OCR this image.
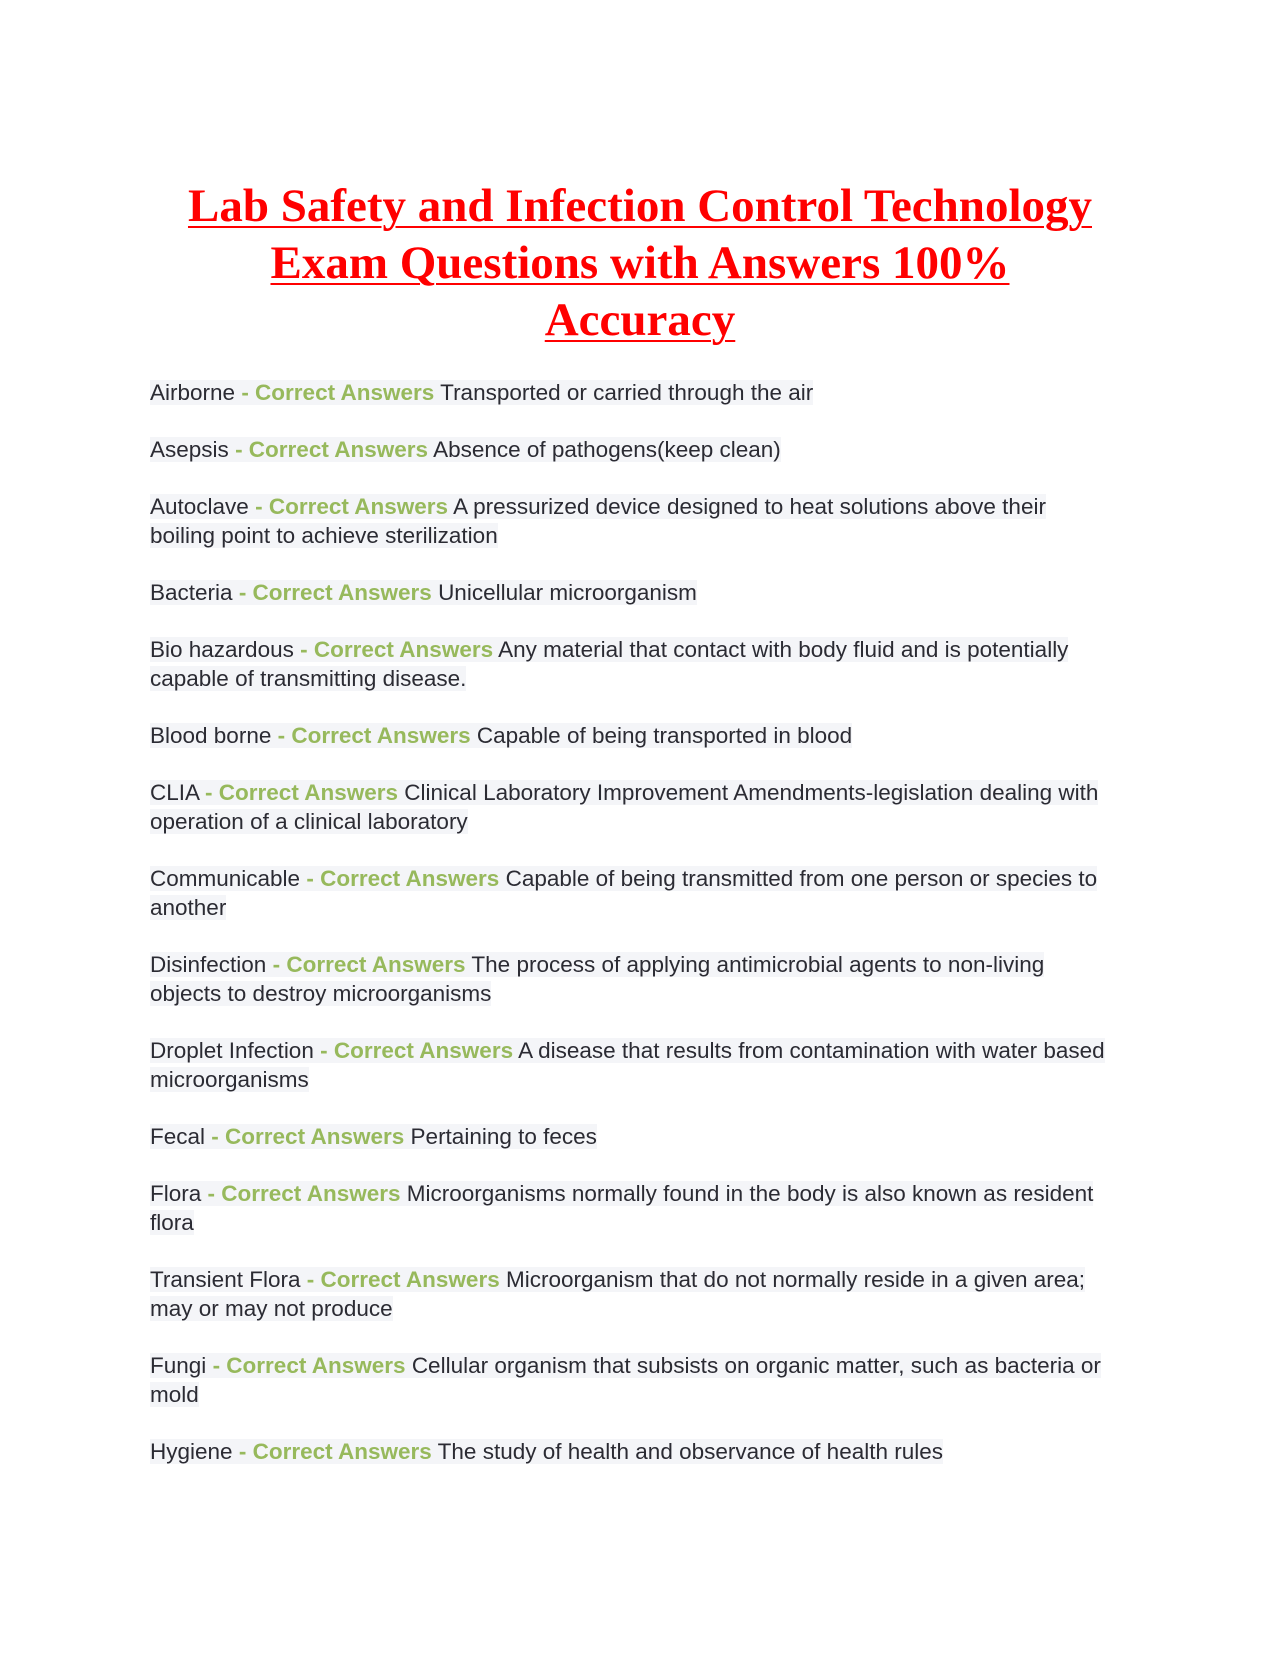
Lab Safety and Infection Control Technology
Exam Questions with Answers 100%
Accuracy
Airborne - Correct Answers Transported or carried through the air
Asepsis - Correct Answers Absence of pathogens(keep clean)
Autoclave - Correct Answers A pressurized device designed to heat solutions above their boiling point to achieve sterilization
Bacteria - Correct Answers Unicellular microorganism
Bio hazardous - Correct Answers Any material that contact with body fluid and is potentially capable of transmitting disease.
Blood borne - Correct Answers Capable of being transported in blood
CLIA - Correct Answers Clinical Laboratory Improvement Amendments-legislation dealing with operation of a clinical laboratory
Communicable - Correct Answers Capable of being transmitted from one person or species to another
Disinfection - Correct Answers The process of applying antimicrobial agents to non-living objects to destroy microorganisms
Droplet Infection - Correct Answers A disease that results from contamination with water based microorganisms
Fecal - Correct Answers Pertaining to feces
Flora - Correct Answers Microorganisms normally found in the body is also known as resident flora
Transient Flora - Correct Answers Microorganism that do not normally reside in a given area; may or may not produce
Fungi - Correct Answers Cellular organism that subsists on organic matter, such as bacteria or mold
Hygiene - Correct Answers The study of health and observance of health rules
